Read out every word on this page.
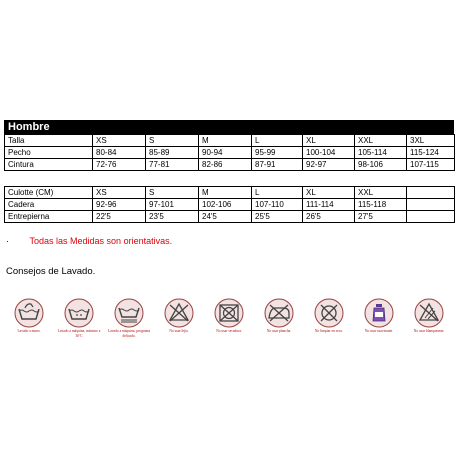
Hombre
Talla	XS	S	M	L	XL	XXL	3XL
Pecho	80-84	85-89	90-94	95-99	100-104	105-114	115-124
Cintura	72-76	77-81	82-86	87-91	92-97	98-106	107-115
Culotte (CM)	XS	S	M	L	XL	XXL	
Cadera	92-96	97-101	102-106	107-110	111-114	115-118	
Entrepierna	22'5	23'5	24'5	25'5	26'5	27'5	
· Todas las Medidas son orientativas.
Consejos de Lavado.
Lavado a mano.	Lavado a máquina, máximo a 30ºC
Lavado a máquina, programa delicado.
No usar lejía.	No usar secadora.	No usar plancha.	No limpiar en seco.	No usar suavizante.	No usar blanqueante.
